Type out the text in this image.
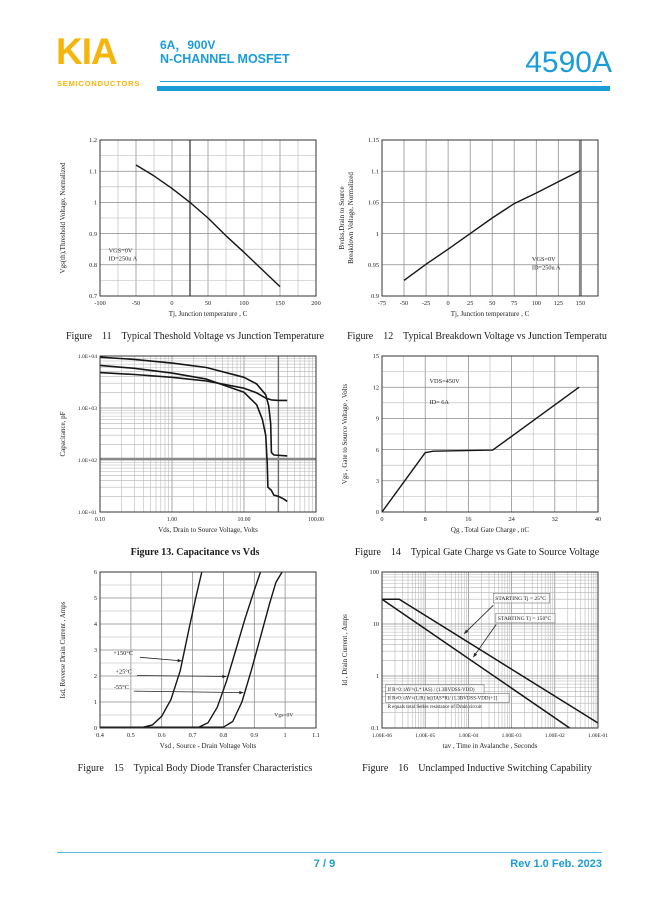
KIA
SEMICONDUCTORS
6A，900V
N-CHANNEL MOSFET	4590A
-100	-50	0	50	100	150	200
0.7
0.8
0.9
1
1.1
1.2
Tj, Junction temperature , C
Vgs(th),Threshold Voltage, Normalized	VGS=0V
ID=250u A
Figure    11    Typical Theshold Voltage vs Junction Temperature
-75 -50 -25	0	25 50 75 100 125 150
0.9
0.95
1
1.05
1.1
1.15
Tj, Junction temperature , C
Bvdss,Drain to Source Breakdown Voltage, Normalized	VGS=0V
ID=250u A
Figure    12    Typical Breakdown Voltage vs Junction Temperatu
0.10	1.00	10.00	100.00
1.0E+01
1.0E+02
1.0E+03
1.0E+04
Vds, Drain to Source Voltage, Volts
Capacitance, pF
Figure 13. Capacitance vs Vds
0	8	16	24	32	40
0
3
6
9
12
15
Qg , Total Gate Charge , nC
Vgs , Gate to Source Voltage , Volts
VDS=450V
ID= 6A
Figure    14    Typical Gate Charge vs Gate to Source Voltage
0.4	0.5	0.6	0.7	0.8	0.9	1	1.1
0
1
2
3
4
5
6
Vsd , Source - Drain Voltage Volts
Isd, Reverse Drain Current , Amps	+150°C
+25°C
-55°C
Vgs=0V
Figure    15    Typical Body Diode Transfer Characteristics
1.00E-06	1.00E-05	1.00E-04	1.00E-03	1.00E-02	1.00E-01
0.1
1
10
100
tav , Time in Avalanche , Seconds
Id , Drain Current , Amps
STARTING Tj = 25°C
STARTING Tj = 150°C
If R=0: tAV=(L* IAS) / (1.3BVDSS-VDD)
If R≠0: tAV=(L/R) ln[(IAS*R)/ (1.3BVDSS-VDD)+1]
R equals total Series resistance of Drain circuit
Figure    16    Unclamped Inductive Switching Capability
7 / 9	Rev 1.0 Feb. 2023
